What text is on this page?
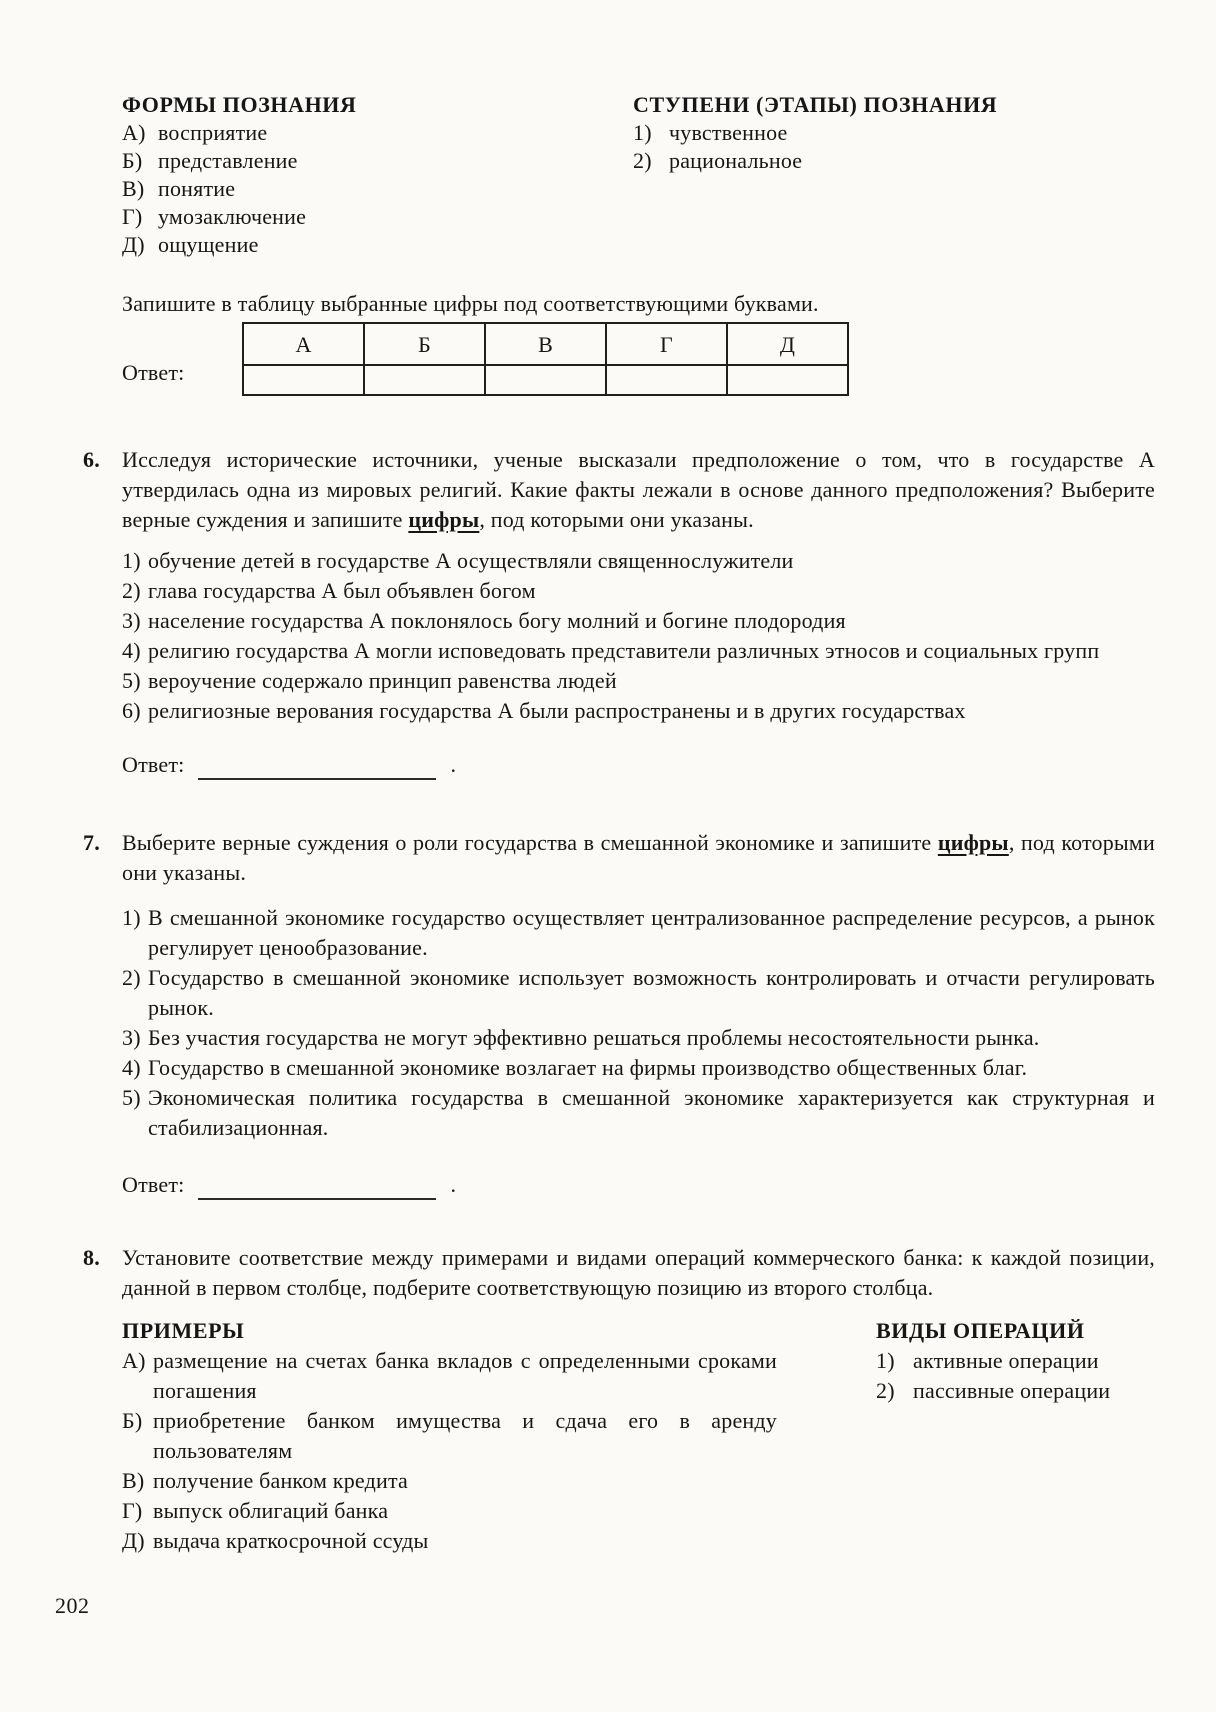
ФОРМЫ ПОЗНАНИЯ
А) восприятие
Б) представление
В) понятие
Г) умозаключение
Д) ощущение
СТУПЕНИ (ЭТАПЫ) ПОЗНАНИЯ
1) чувственное
2) рациональное

Запишите в таблицу выбранные цифры под соответствующими буквами.

Ответ:
А	Б	В	Г	Д

6. Исследуя исторические источники, ученые высказали предположение о том, что в государстве А утвердилась одна из мировых религий. Какие факты лежали в основе данного предположения? Выберите верные суждения и запишите цифры, под которыми они указаны.

1) обучение детей в государстве А осуществляли священнослужители
2) глава государства А был объявлен богом
3) население государства А поклонялось богу молний и богине плодородия
4) религию государства А могли исповедовать представители различных этносов и социальных групп
5) вероучение содержало принцип равенства людей
6) религиозные верования государства А были распространены и в других государствах
Ответ:	.
7. Выберите верные суждения о роли государства в смешанной экономике и запишите цифры, под которыми они указаны.

1) В смешанной экономике государство осуществляет централизованное распределение ресурсов, а рынок регулирует ценообразование.
2) Государство в смешанной экономике использует возможность контролировать и отчасти регулировать рынок.
3) Без участия государства не могут эффективно решаться проблемы несостоятельности рынка.
4) Государство в смешанной экономике возлагает на фирмы производство общественных благ.
5) Экономическая политика государства в смешанной экономике характеризуется как структурная и стабилизационная.
Ответ:	.
8. Установите соответствие между примерами и видами операций коммерческого банка: к каждой позиции, данной в первом столбце, подберите соответствующую позицию из второго столбца.

ПРИМЕРЫ
А) размещение на счетах банка вкладов с определенными сроками погашения
Б) приобретение банком имущества и сдача его в аренду пользователям
В) получение банком кредита
Г) выпуск облигаций банка
Д) выдача краткосрочной ссуды
ВИДЫ ОПЕРАЦИЙ
1) активные операции
2) пассивные операции
202
